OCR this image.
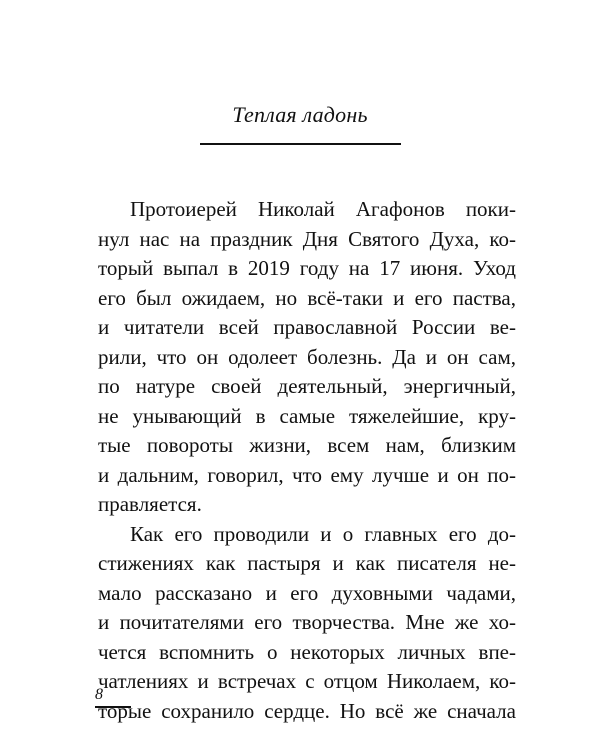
Теплая ладонь
Протоиерей Николай Агафонов поки-
нул нас на праздник Дня Святого Духа, ко-
торый выпал в 2019 году на 17 июня. Уход
его был ожидаем, но всё-таки и его паства,
и читатели всей православной России ве-
рили, что он одолеет болезнь. Да и он сам,
по натуре своей деятельный, энергичный,
не унывающий в самые тяжелейшие, кру-
тые повороты жизни, всем нам, близким
и дальним, говорил, что ему лучше и он по-
правляется.
Как его проводили и о главных его до-
стижениях как пастыря и как писателя не-
мало рассказано и его духовными чадами,
и почитателями его творчества. Мне же хо-
чется вспомнить о некоторых личных впе-
чатлениях и встречах с отцом Николаем, ко-
торые сохранило сердце. Но всё же сначала
8
